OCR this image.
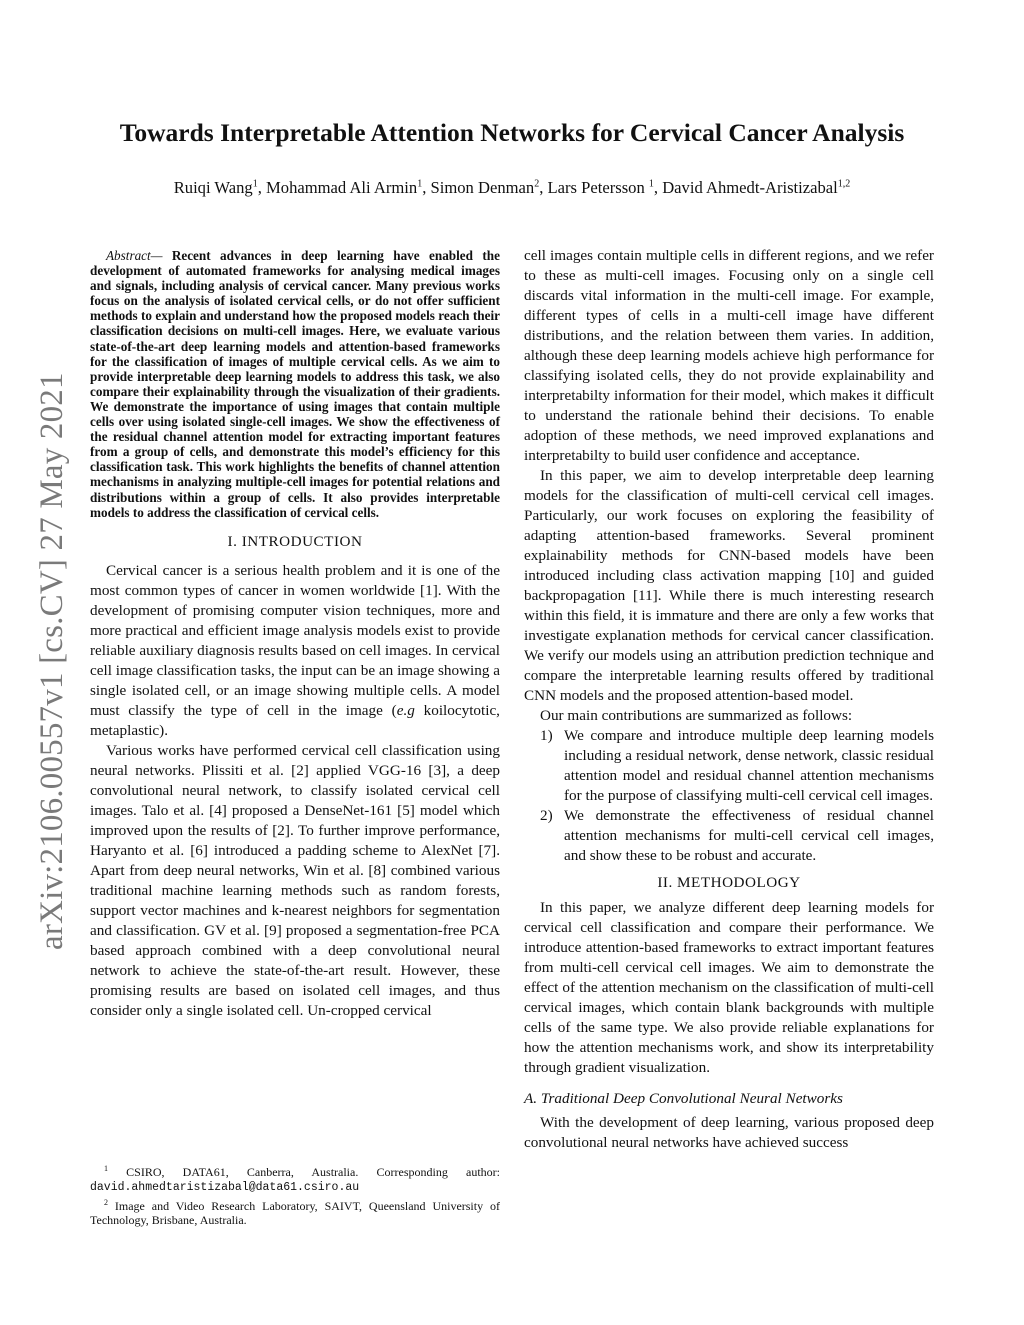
Towards Interpretable Attention Networks for Cervical Cancer Analysis
Ruiqi Wang$^1$, Mohammad Ali Armin$^1$, Simon Denman$^2$, Lars Petersson $^1$, David Ahmedt-Aristizabal$^{1,2}$
arXiv:2106.00557v1 [cs.CV] 27 May 2021

Abstract— Recent advances in deep learning have enabled the development of automated frameworks for analysing medical images and signals, including analysis of cervical cancer. Many previous works focus on the analysis of isolated cervical cells, or do not offer sufficient methods to explain and understand how the proposed models reach their classification decisions on multi-cell images. Here, we evaluate various state-of-the-art deep learning models and attention-based frameworks for the classification of images of multiple cervical cells. As we aim to provide interpretable deep learning models to address this task, we also compare their explainability through the visualization of their gradients. We demonstrate the importance of using images that contain multiple cells over using isolated single-cell images. We show the effectiveness of the residual channel attention model for extracting important features from a group of cells, and demonstrate this model’s efficiency for this classification task. This work highlights the benefits of channel attention mechanisms in analyzing multiple-cell images for potential relations and distributions within a group of cells. It also provides interpretable models to address the classification of cervical cells.

I. INTRODUCTION

Cervical cancer is a serious health problem and it is one of the most common types of cancer in women worldwide [1]. With the development of promising computer vision techniques, more and more practical and efficient image analysis models exist to provide reliable auxiliary diagnosis results based on cell images. In cervical cell image classification tasks, the input can be an image showing a single isolated cell, or an image showing multiple cells. A model must classify the type of cell in the image (e.g koilocytotic, metaplastic).

Various works have performed cervical cell classification using neural networks. Plissiti et al. [2] applied VGG-16 [3], a deep convolutional neural network, to classify isolated cervical cell images. Talo et al. [4] proposed a DenseNet-161 [5] model which improved upon the results of [2]. To further improve performance, Haryanto et al. [6] introduced a padding scheme to AlexNet [7]. Apart from deep neural networks, Win et al. [8] combined various traditional machine learning methods such as random forests, support vector machines and k-nearest neighbors for segmentation and classification. GV et al. [9] proposed a segmentation-free PCA based approach combined with a deep convolutional neural network to achieve the state-of-the-art result. However, these promising results are based on isolated cell images, and thus consider only a single isolated cell. Un-cropped cervical

cell images contain multiple cells in different regions, and we refer to these as multi-cell images. Focusing only on a single cell discards vital information in the multi-cell image. For example, different types of cells in a multi-cell image have different distributions, and the relation between them varies. In addition, although these deep learning models achieve high performance for classifying isolated cells, they do not provide explainability and interpretabilty information for their model, which makes it difficult to understand the rationale behind their decisions. To enable adoption of these methods, we need improved explanations and interpretabilty to build user confidence and acceptance.

In this paper, we aim to develop interpretable deep learning models for the classification of multi-cell cervical cell images. Particularly, our work focuses on exploring the feasibility of adapting attention-based frameworks. Several prominent explainability methods for CNN-based models have been introduced including class activation mapping [10] and guided backpropagation [11]. While there is much interesting research within this field, it is immature and there are only a few works that investigate explanation methods for cervical cancer classification. We verify our models using an attribution prediction technique and compare the interpretable learning results offered by traditional CNN models and the proposed attention-based model.

Our main contributions are summarized as follows:

1) We compare and introduce multiple deep learning models including a residual network, dense network, classic residual attention model and residual channel attention mechanisms for the purpose of classifying multi-cell cervical cell images.
2) We demonstrate the effectiveness of residual channel attention mechanisms for multi-cell cervical cell images, and show these to be robust and accurate.
II. METHODOLOGY

In this paper, we analyze different deep learning models for cervical cell classification and compare their performance. We introduce attention-based frameworks to extract important features from multi-cell cervical cell images. We aim to demonstrate the effect of the attention mechanism on the classification of multi-cell cervical images, which contain blank backgrounds with multiple cells of the same type. We also provide reliable explanations for how the attention mechanisms work, and show its interpretability through gradient visualization.

A. Traditional Deep Convolutional Neural Networks

With the development of deep learning, various proposed deep convolutional neural networks have achieved success

$^1$ CSIRO, DATA61, Canberra, Australia. Corresponding author: david.ahmedtaristizabal@data61.csiro.au

$^2$ Image and Video Research Laboratory, SAIVT, Queensland University of Technology, Brisbane, Australia.
